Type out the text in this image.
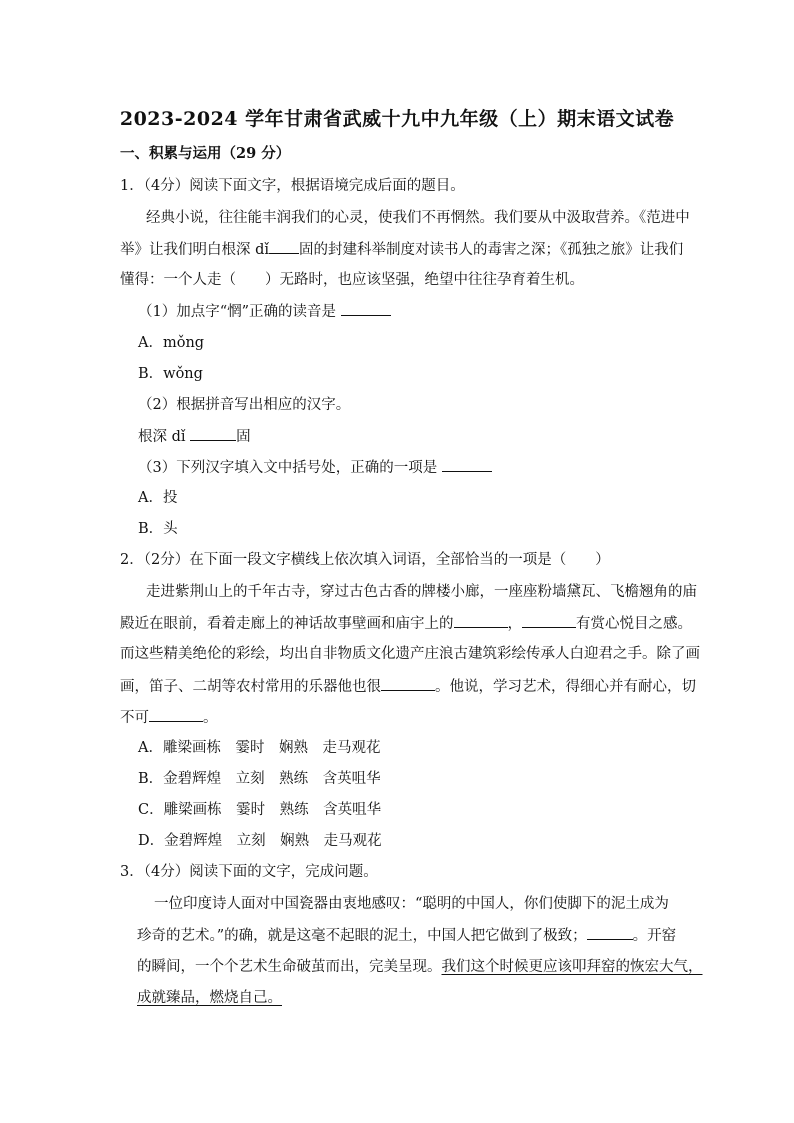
2023-2024 学年甘肃省武威十九中九年级（上）期末语文试卷
一、积累与运用（29 分）
1．（4分）阅读下面文字，根据语境完成后面的题目。
经典小说，往往能丰润我们的心灵，使我们不再惘然。我们要从中汲取营养。《范进中
举》让我们明白根深 dǐ 固的封建科举制度对读书人的毒害之深；《孤独之旅》让我们
懂得：一个人走（　　）无路时，也应该坚强，绝望中往往孕育着生机。
（1）加点字“惘”正确的读音是
A．mǒng
B．wǒng
（2）根据拼音写出相应的汉字。
根深 dǐ	固
（3）下列汉字填入文中括号处，正确的一项是
A．投
B．头
2．（2分）在下面一段文字横线上依次填入词语，全部恰当的一项是（　　）
走进紫荆山上的千年古寺，穿过古色古香的牌楼小廊，一座座粉墙黛瓦、飞檐翘角的庙
殿近在眼前，看着走廊上的神话故事壁画和庙宇上的	，	有赏心悦目之感。
而这些精美绝伦的彩绘，均出自非物质文化遗产庄浪古建筑彩绘传承人白迎君之手。除了画
画，笛子、二胡等农村常用的乐器他也很	。他说，学习艺术，得细心并有耐心，切
不可	。
A．雕梁画栋　霎时　娴熟　走马观花
B．金碧辉煌　立刻　熟练　含英咀华
C．雕梁画栋　霎时　熟练　含英咀华
D．金碧辉煌　立刻　娴熟　走马观花
3．（4分）阅读下面的文字，完成问题。
一位印度诗人面对中国瓷器由衷地感叹：“聪明的中国人，你们使脚下的泥土成为
珍奇的艺术。”的确，就是这毫不起眼的泥土，中国人把它做到了极致；	。开窑
的瞬间，一个个艺术生命破茧而出，完美呈现。我们这个时候更应该叩拜窑的恢宏大气，
成就臻品，燃烧自己。
